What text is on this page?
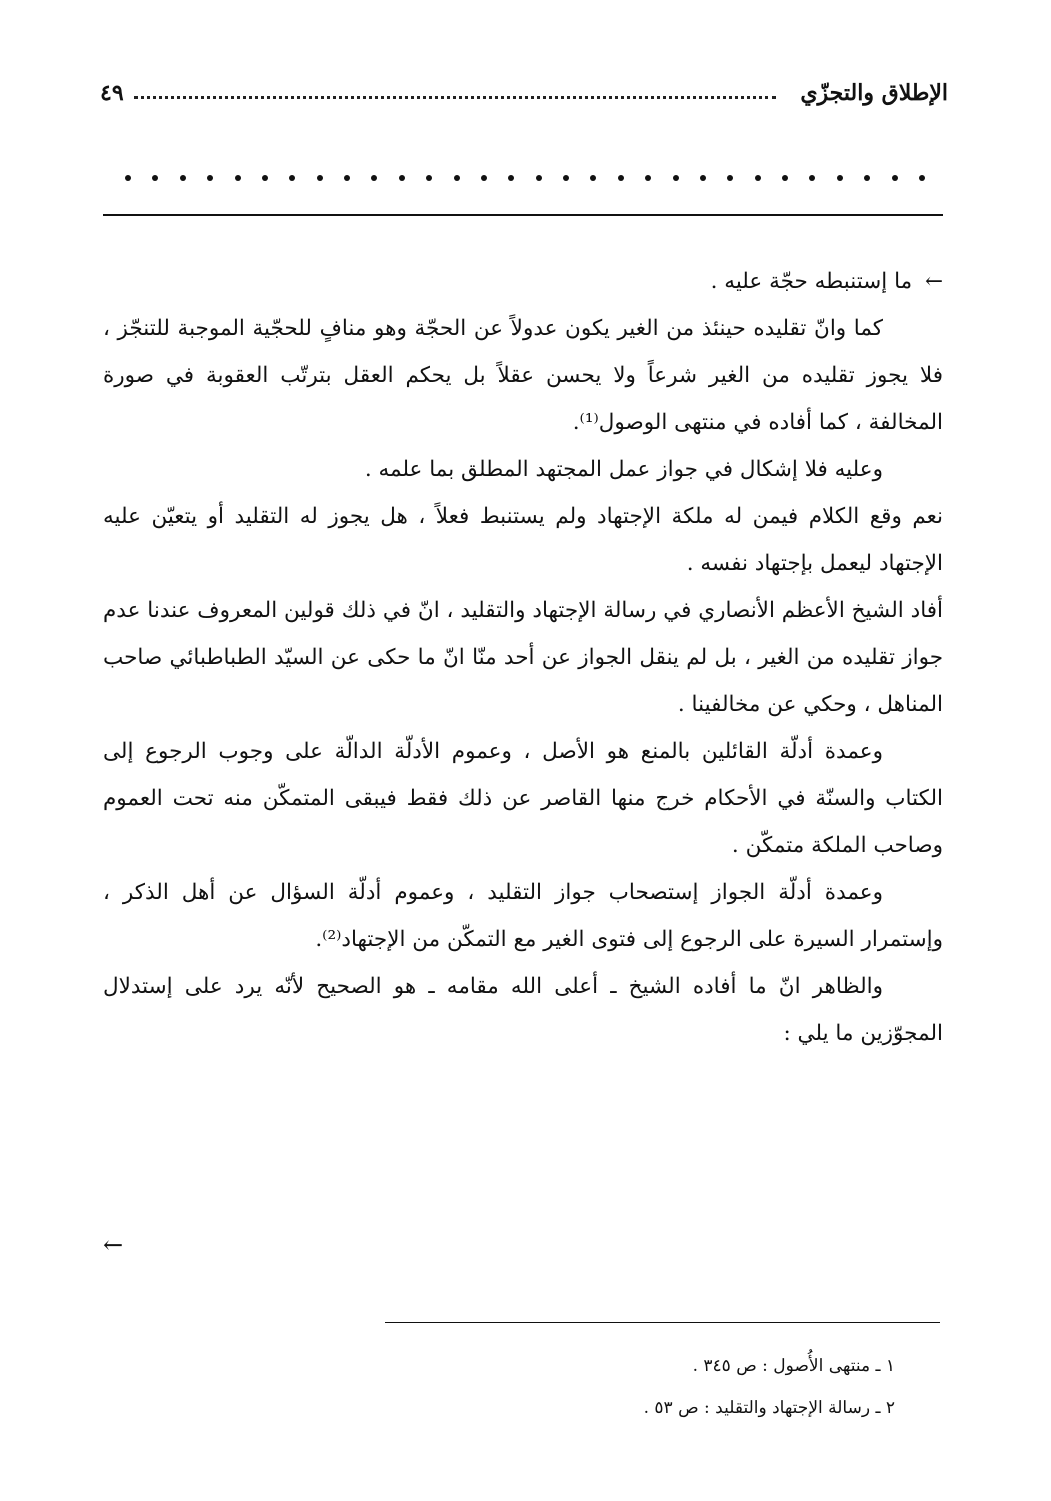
الإطلاق والتجزّي
٤٩

← ما إستنبطه حجّة عليه .

كما وانّ تقليده حينئذ من الغير يكون عدولاً عن الحجّة وهو منافٍ للحجّية الموجبة للتنجّز ، فلا يجوز تقليده من الغير شرعاً ولا يحسن عقلاً بل يحكم العقل بترتّب العقوبة في صورة المخالفة ، كما أفاده في منتهى الوصول⁽¹⁾.

وعليه فلا إشكال في جواز عمل المجتهد المطلق بما علمه .

نعم وقع الكلام فيمن له ملكة الإجتهاد ولم يستنبط فعلاً ، هل يجوز له التقليد أو يتعيّن عليه الإجتهاد ليعمل بإجتهاد نفسه .

أفاد الشيخ الأعظم الأنصاري في رسالة الإجتهاد والتقليد ، انّ في ذلك قولين المعروف عندنا عدم جواز تقليده من الغير ، بل لم ينقل الجواز عن أحد منّا انّ ما حكى عن السيّد الطباطبائي صاحب المناهل ، وحكي عن مخالفينا .

وعمدة أدلّة القائلين بالمنع هو الأصل ، وعموم الأدلّة الدالّة على وجوب الرجوع إلى الكتاب والسنّة في الأحكام خرج منها القاصر عن ذلك فقط فيبقى المتمكّن منه تحت العموم وصاحب الملكة متمكّن .

وعمدة أدلّة الجواز إستصحاب جواز التقليد ، وعموم أدلّة السؤال عن أهل الذكر ، وإستمرار السيرة على الرجوع إلى فتوى الغير مع التمكّن من الإجتهاد⁽²⁾.

والظاهر انّ ما أفاده الشيخ ـ أعلى الله مقامه ـ هو الصحيح لأنّه يرد على إستدلال المجوّزين ما يلي :

←
١ ـ منتهى الأُصول : ص ٣٤٥ .
٢ ـ رسالة الإجتهاد والتقليد : ص ٥٣ .
